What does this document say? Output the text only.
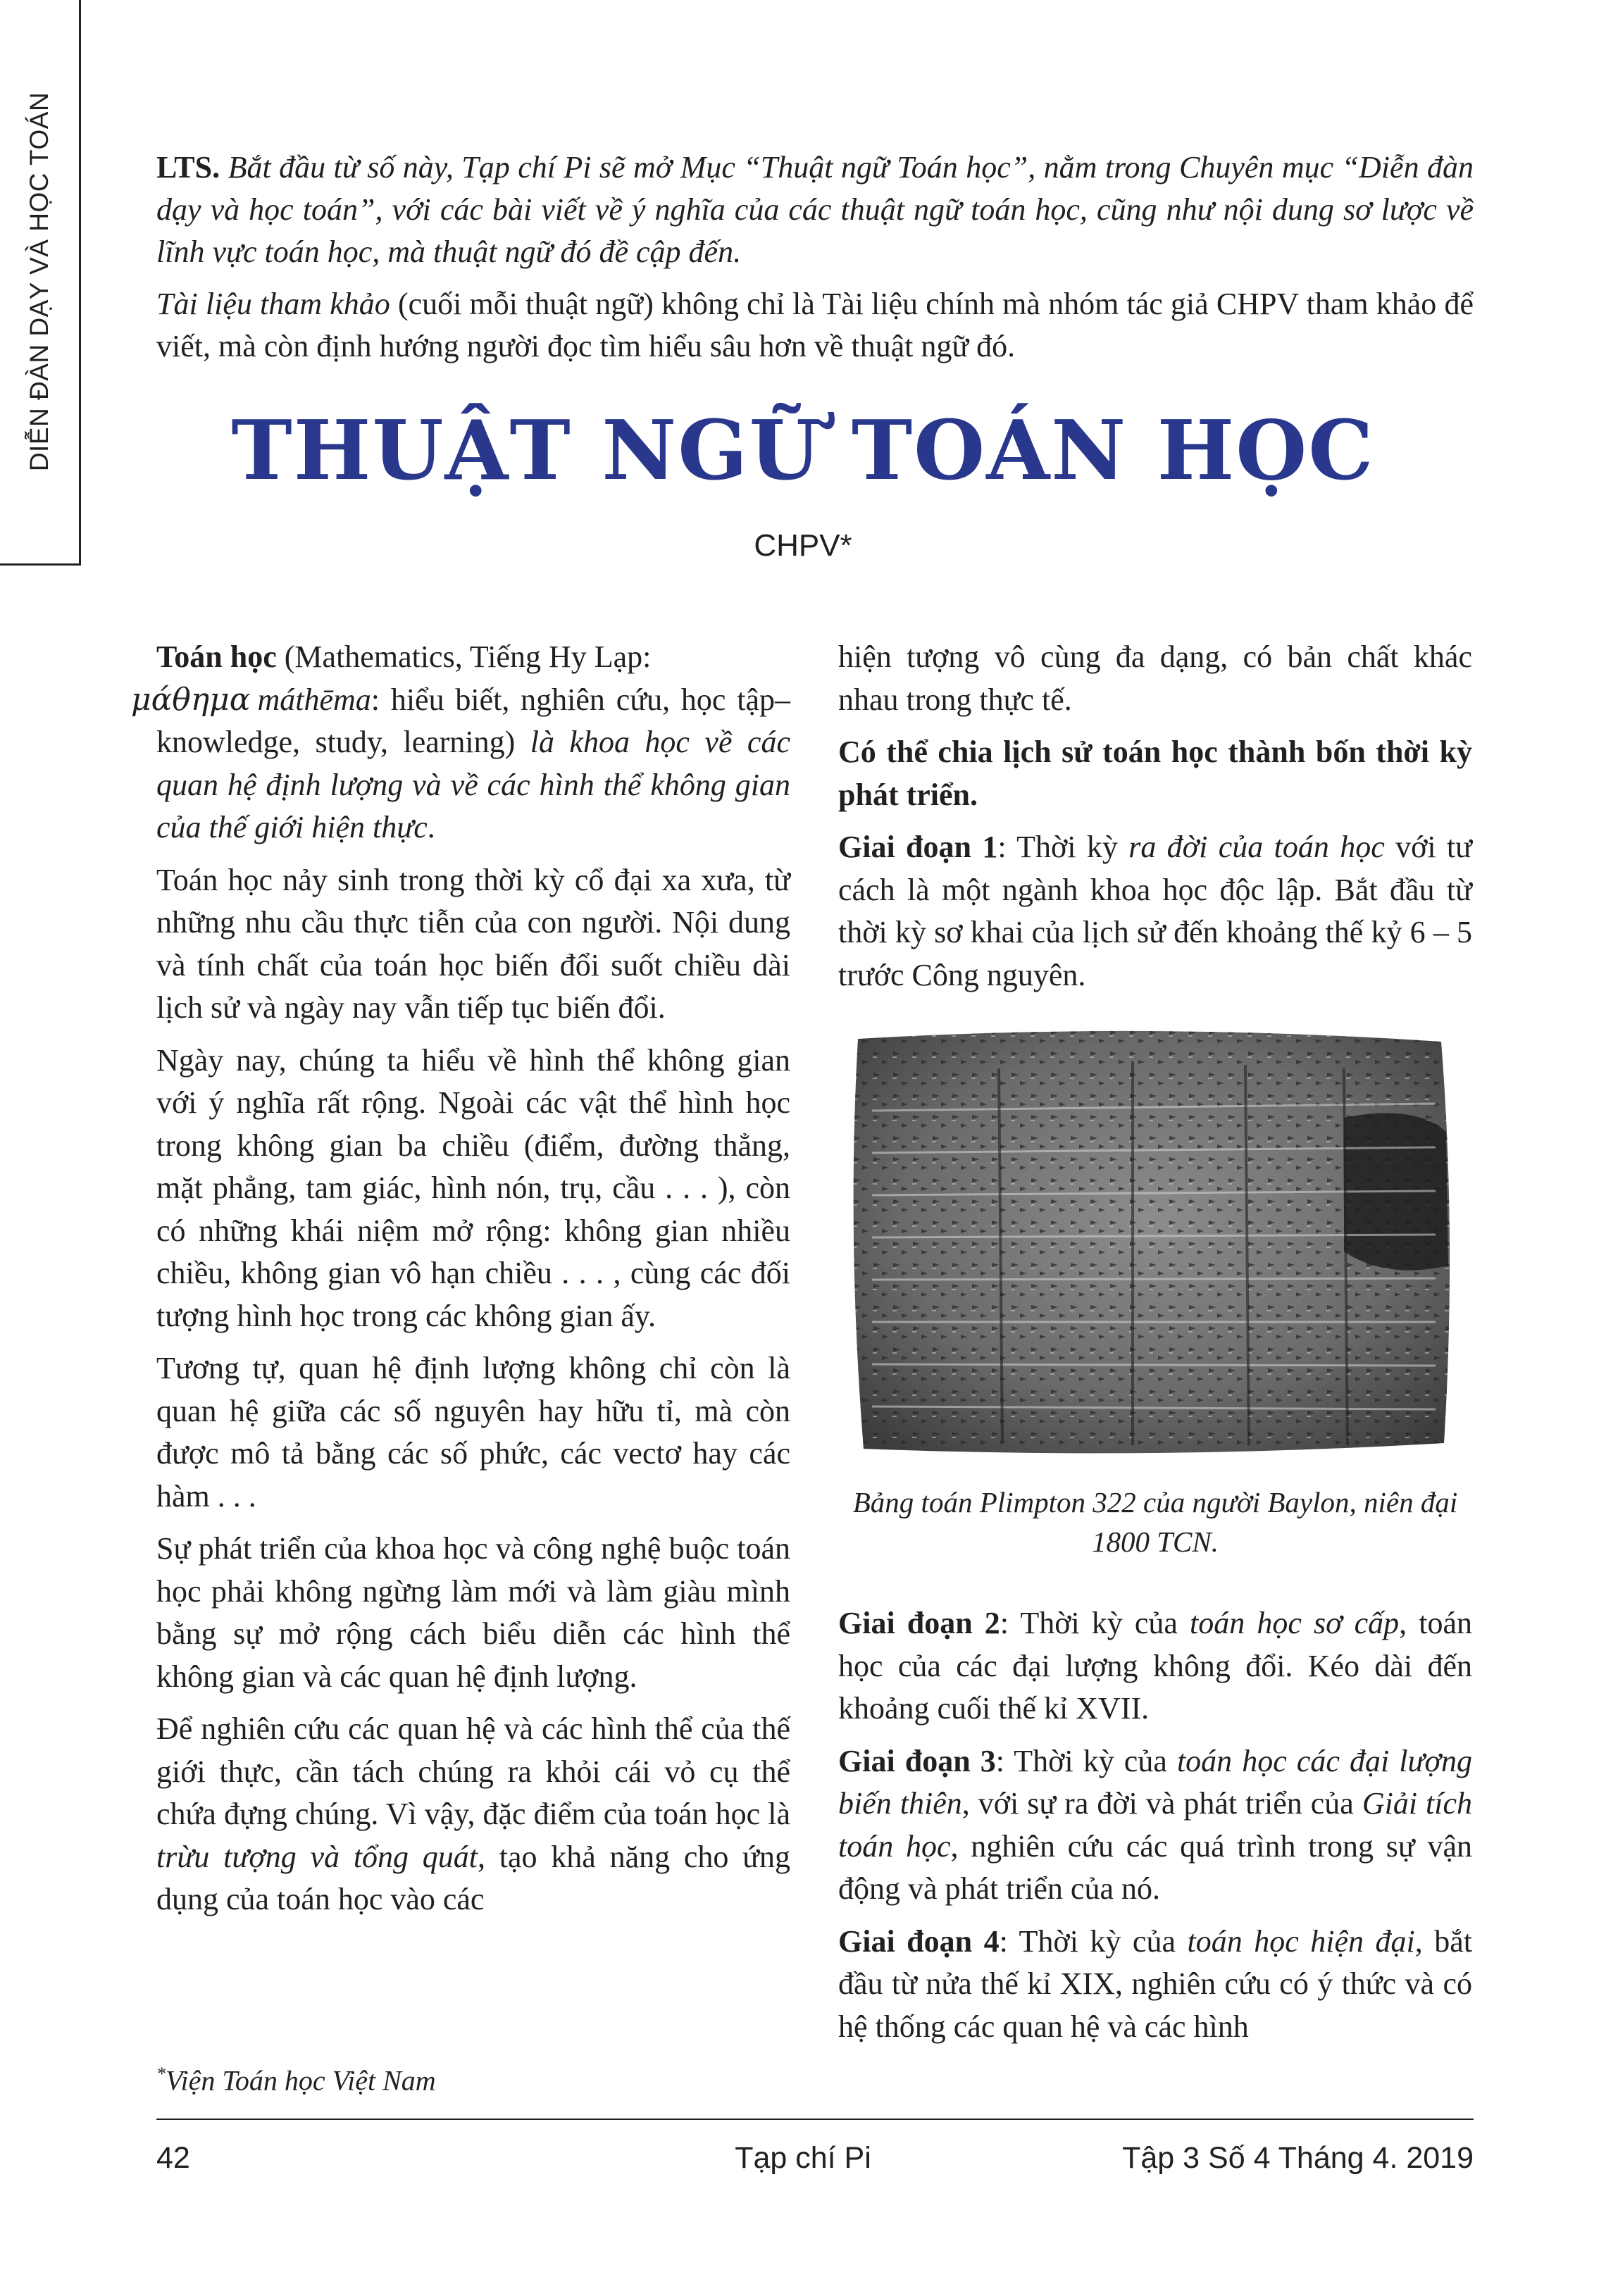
DIỄN ĐÀN DẠY VÀ HỌC TOÁN	LTS. Bắt đầu từ số này, Tạp chí Pi sẽ mở Mục “Thuật ngữ Toán học”, nằm trong Chuyên mục “Diễn đàn dạy và học toán”, với các bài viết về ý nghĩa của các thuật ngữ toán học, cũng như nội dung sơ lược về lĩnh vực toán học, mà thuật ngữ đó đề cập đến.

Tài liệu tham khảo (cuối mỗi thuật ngữ) không chỉ là Tài liệu chính mà nhóm tác giả CHPV tham khảo để viết, mà còn định hướng người đọc tìm hiểu sâu hơn về thuật ngữ đó.

THUẬT NGỮ TOÁN HỌC
CHPV*

Toán học (Mathematics, Tiếng Hy Lạp:
μάθημα máthēma: hiểu biết, nghiên cứu, học tập–knowledge, study, learning) là khoa học về các quan hệ định lượng và về các hình thể không gian của thế giới hiện thực.

Toán học nảy sinh trong thời kỳ cổ đại xa xưa, từ những nhu cầu thực tiễn của con người. Nội dung và tính chất của toán học biến đổi suốt chiều dài lịch sử và ngày nay vẫn tiếp tục biến đổi.

Ngày nay, chúng ta hiểu về hình thể không gian với ý nghĩa rất rộng. Ngoài các vật thể hình học trong không gian ba chiều (điểm, đường thẳng, mặt phẳng, tam giác, hình nón, trụ, cầu . . . ), còn có những khái niệm mở rộng: không gian nhiều chiều, không gian vô hạn chiều . . . , cùng các đối tượng hình học trong các không gian ấy.

Tương tự, quan hệ định lượng không chỉ còn là quan hệ giữa các số nguyên hay hữu tỉ, mà còn được mô tả bằng các số phức, các vectơ hay các hàm . . .

Sự phát triển của khoa học và công nghệ buộc toán học phải không ngừng làm mới và làm giàu mình bằng sự mở rộng cách biểu diễn các hình thể không gian và các quan hệ định lượng.

Để nghiên cứu các quan hệ và các hình thể của thế giới thực, cần tách chúng ra khỏi cái vỏ cụ thể chứa đựng chúng. Vì vậy, đặc điểm của toán học là trừu tượng và tổng quát, tạo khả năng cho ứng dụng của toán học vào các

hiện tượng vô cùng đa dạng, có bản chất khác nhau trong thực tế.

Có thể chia lịch sử toán học thành bốn thời kỳ phát triển.

Giai đoạn 1: Thời kỳ ra đời của toán học với tư cách là một ngành khoa học độc lập. Bắt đầu từ thời kỳ sơ khai của lịch sử đến khoảng thế kỷ 6 – 5 trước Công nguyên.

Bảng toán Plimpton 322 của người Baylon, niên đại 1800 TCN.

Giai đoạn 2: Thời kỳ của toán học sơ cấp, toán học của các đại lượng không đổi. Kéo dài đến khoảng cuối thế kỉ XVII.

Giai đoạn 3: Thời kỳ của toán học các đại lượng biến thiên, với sự ra đời và phát triển của Giải tích toán học, nghiên cứu các quá trình trong sự vận động và phát triển của nó.

Giai đoạn 4: Thời kỳ của toán học hiện đại, bắt đầu từ nửa thế kỉ XIX, nghiên cứu có ý thức và có hệ thống các quan hệ và các hình

*Viện Toán học Việt Nam
42	Tạp chí Pi	Tập 3 Số 4 Tháng 4. 2019
